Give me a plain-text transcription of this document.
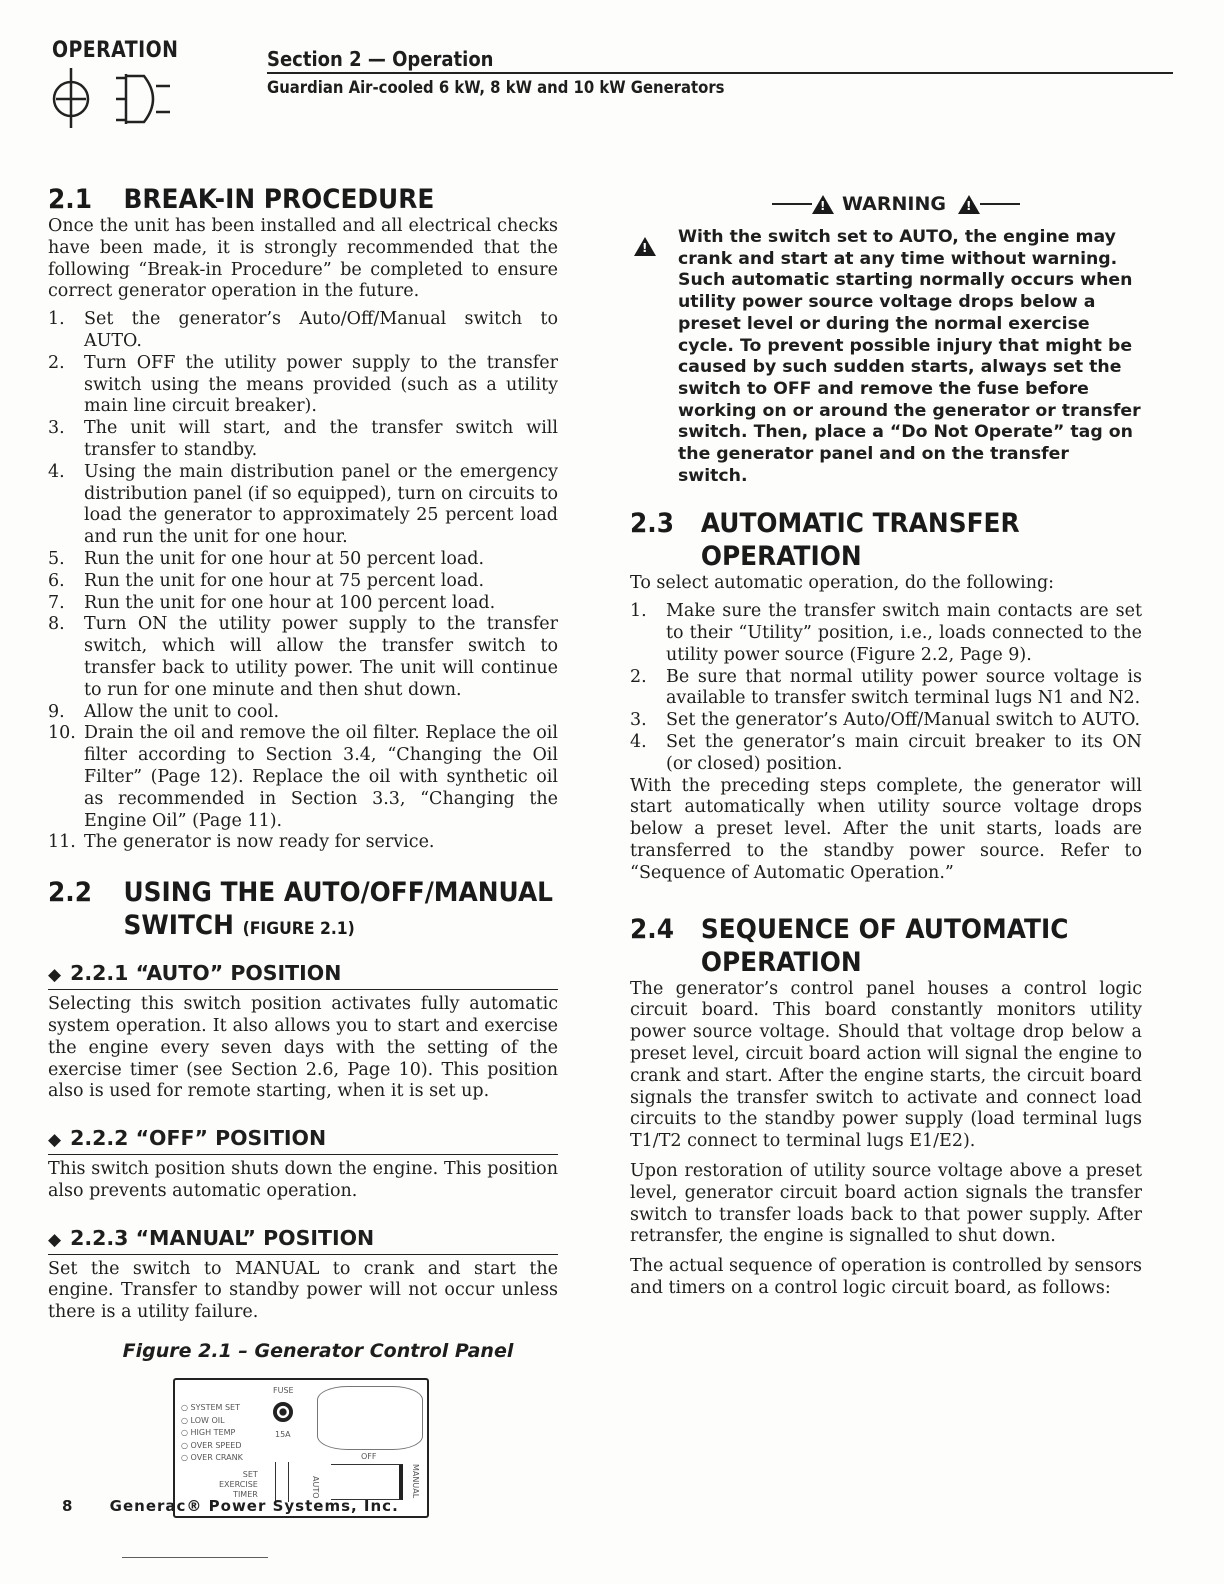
OPERATION	Section 2 — Operation
Guardian Air-cooled 6 kW, 8 kW and 10 kW Generators
2.1	BREAK-IN PROCEDURE

Once the unit has been installed and all electrical checks have been made, it is strongly recommended that the following “Break-in Procedure” be completed to ensure correct generator operation in the future.

1.	Set the generator’s Auto/Off/Manual switch to AUTO.
2.	Turn OFF the utility power supply to the transfer switch using the means provided (such as a utility main line circuit breaker).
3.	The unit will start, and the transfer switch will transfer to standby.
4.	Using the main distribution panel or the emergency distribution panel (if so equipped), turn on circuits to load the generator to approximately 25 percent load and run the unit for one hour.
5.	Run the unit for one hour at 50 percent load.
6.	Run the unit for one hour at 75 percent load.
7.	Run the unit for one hour at 100 percent load.
8.	Turn ON the utility power supply to the transfer switch, which will allow the transfer switch to transfer back to utility power. The unit will continue to run for one minute and then shut down.
9.	Allow the unit to cool.
10. Drain the oil and remove the oil filter. Replace the oil filter according to Section 3.4, “Changing the Oil Filter” (Page 12). Replace the oil with synthetic oil as recommended in Section 3.3, “Changing the Engine Oil” (Page 11).
11. The generator is now ready for service.
2.2	USING THE AUTO/OFF/MANUAL SWITCH (FIGURE 2.1)
◆ 2.2.1 “AUTO” POSITION

Selecting this switch position activates fully automatic system operation. It also allows you to start and exercise the engine every seven days with the setting of the exercise timer (see Section 2.6, Page 10). This position also is used for remote starting, when it is set up.

◆ 2.2.2 “OFF” POSITION

This switch position shuts down the engine. This position also prevents automatic operation.

◆ 2.2.3 “MANUAL” POSITION

Set the switch to MANUAL to crank and start the engine. Transfer to standby power will not occur unless there is a utility failure.

Figure 2.1 – Generator Control Panel
FUSE
○ SYSTEM SET
○ LOW OIL
○ HIGH TEMP
○ OVER SPEED
○ OVER CRANK
15A
OFF
SET
EXERCISE
TIMER	AUTO	MANUAL
!
WARNING
!
!
With the switch set to AUTO, the engine may crank and start at any time without warning. Such automatic starting normally occurs when utility power source voltage drops below a preset level or during the normal exercise cycle. To prevent possible injury that might be caused by such sudden starts, always set the switch to OFF and remove the fuse before working on or around the generator or transfer switch. Then, place a “Do Not Operate” tag on the generator panel and on the transfer switch.
2.3 AUTOMATIC TRANSFER OPERATION

To select automatic operation, do the following:

1.	Make sure the transfer switch main contacts are set to their “Utility” position, i.e., loads connected to the utility power source (Figure 2.2, Page 9).
2.	Be sure that normal utility power source voltage is available to transfer switch terminal lugs N1 and N2.
3.	Set the generator’s Auto/Off/Manual switch to AUTO.
4.	Set the generator’s main circuit breaker to its ON (or closed) position.

With the preceding steps complete, the generator will start automatically when utility source voltage drops below a preset level. After the unit starts, loads are transferred to the standby power source. Refer to “Sequence of Automatic Operation.”

2.4 SEQUENCE OF AUTOMATIC OPERATION

The generator’s control panel houses a control logic circuit board. This board constantly monitors utility power source voltage. Should that voltage drop below a preset level, circuit board action will signal the engine to crank and start. After the engine starts, the circuit board signals the transfer switch to activate and connect load circuits to the standby power supply (load terminal lugs T1/T2 connect to terminal lugs E1/E2).

Upon restoration of utility source voltage above a preset level, generator circuit board action signals the transfer switch to transfer loads back to that power supply. After retransfer, the engine is signalled to shut down.

The actual sequence of operation is controlled by sensors and timers on a control logic circuit board, as follows:

8 Generac® Power Systems, Inc.
